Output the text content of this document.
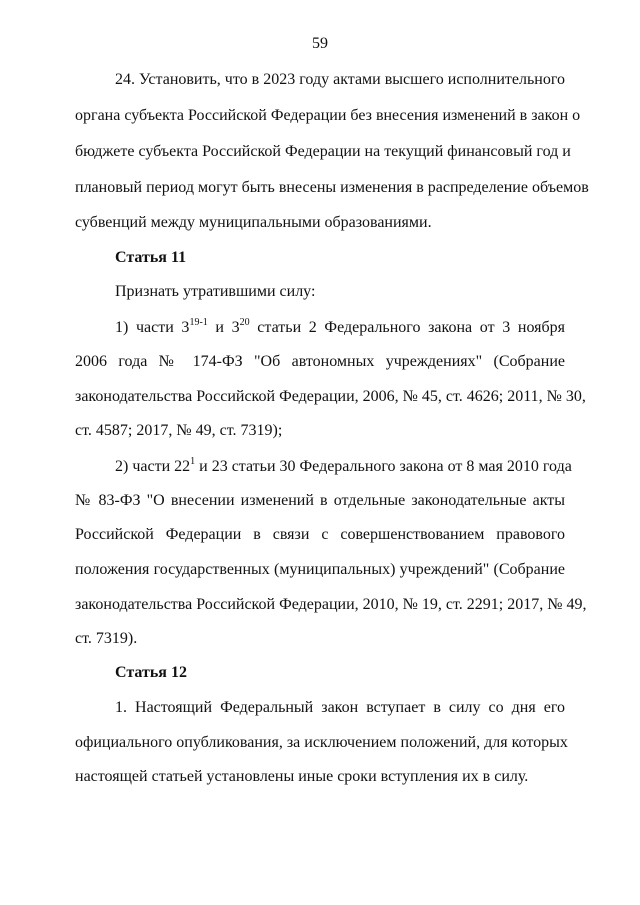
59
24. Установить, что в 2023 году актами высшего исполнительного
органа субъекта Российской Федерации без внесения изменений в закон о
бюджете субъекта Российской Федерации на текущий финансовый год и
плановый период могут быть внесены изменения в распределение объемов
субвенций между муниципальными образованиями.
Статья 11
Признать утратившими силу:
1) части 3$^{19-1}$ и $3^{20}$ статьи 2 Федерального закона от 3 ноября
2006 года № 174-ФЗ "Об автономных учреждениях" (Собрание
законодательства Российской Федерации, 2006, № 45, ст. 4626; 2011, № 30,
ст. 4587; 2017, № 49, ст. 7319);
2) части $22^1$ и 23 статьи 30 Федерального закона от 8 мая 2010 года
№ 83-ФЗ "О внесении изменений в отдельные законодательные акты
Российской Федерации в связи с совершенствованием правового
положения государственных (муниципальных) учреждений" (Собрание
законодательства Российской Федерации, 2010, № 19, ст. 2291; 2017, № 49,
ст. 7319).
Статья 12
1. Настоящий Федеральный закон вступает в силу со дня его
официального опубликования, за исключением положений, для которых
настоящей статьей установлены иные сроки вступления их в силу.
